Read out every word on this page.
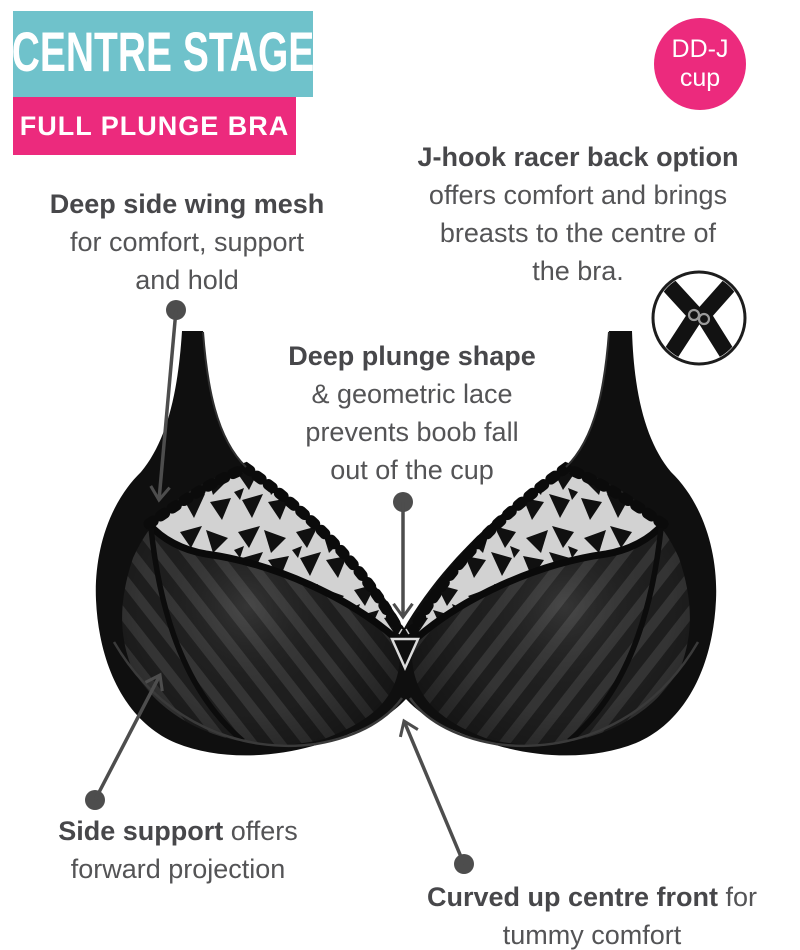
CENTRE STAGE
FULL PLUNGE BRA
DD-J
cup
Deep side wing mesh
for comfort, support
and hold
J-hook racer back option
offers comfort and brings
breasts to the centre of
the bra.
Deep plunge shape
& geometric lace
prevents boob fall
out of the cup
Side support offers
forward projection
Curved up centre front for
tummy comfort
